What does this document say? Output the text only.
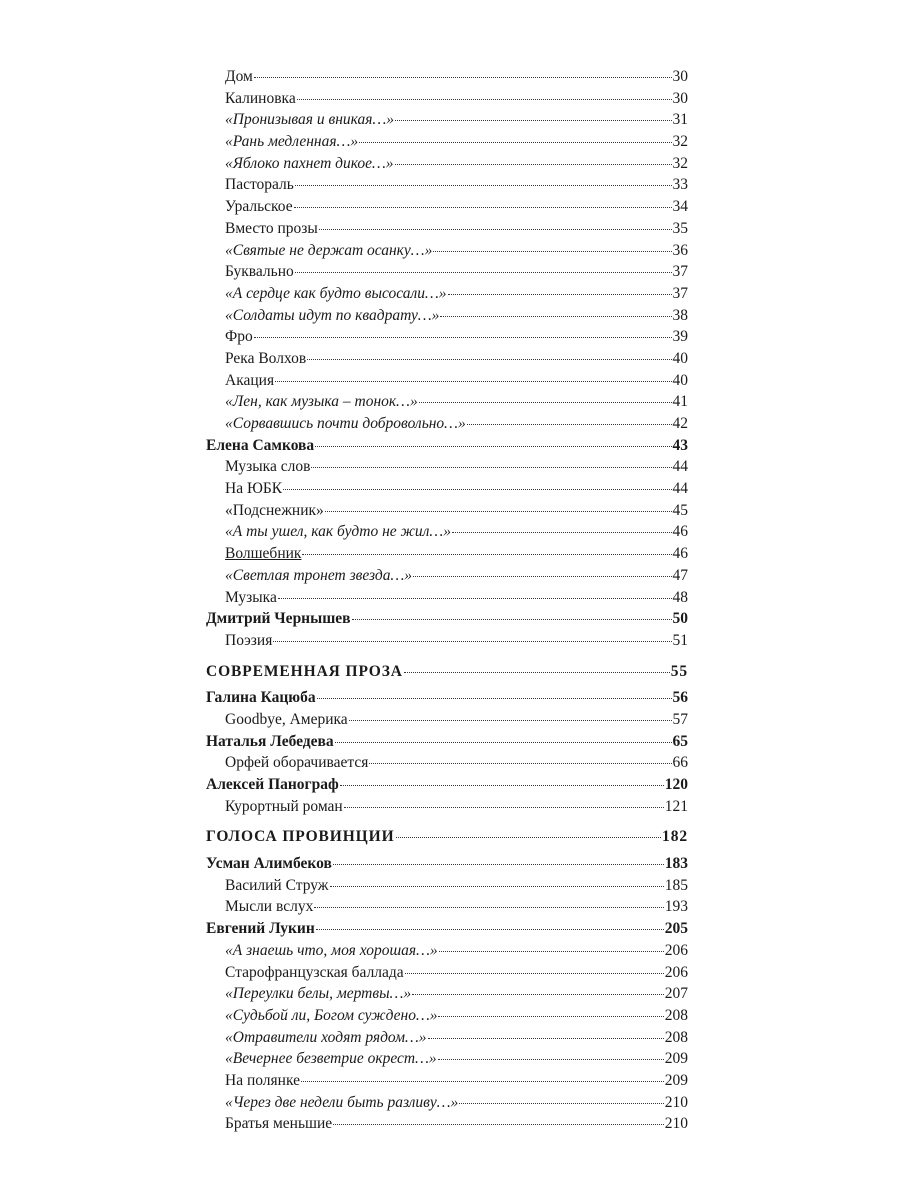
Дом	30
Калиновка	30
«Пронизывая и вникая…»	31
«Рань медленная…»	32
«Яблоко пахнет дикое…»	32
Пастораль	33
Уральское	34
Вместо прозы	35
«Святые не держат осанку…»	36
Буквально	37
«А сердце как будто высосали…»	37
«Солдаты идут по квадрату…»	38
Фро	39
Река Волхов	40
Акация	40
«Лен, как музыка – тонок…»	41
«Сорвавшись почти добровольно…»	42
Елена Самкова	43
Музыка слов	44
На ЮБК	44
«Подснежник»	45
«А ты ушел, как будто не жил…»	46
Волшебник	46
«Светлая тронет звезда…»	47
Музыка	48
Дмитрий Чернышев	50
Поэзия	51
СОВРЕМЕННАЯ ПРОЗА	55
Галина Кацюба	56
Goodbye, Америка	57
Наталья Лебедева	65
Орфей оборачивается	66
Алексей Панограф	120
Курортный роман	121
ГОЛОСА ПРОВИНЦИИ	182
Усман Алимбеков	183
Василий Струж	185
Мысли вслух	193
Евгений Лукин	205
«А знаешь что, моя хорошая…»	206
Старофранцузская баллада	206
«Переулки белы, мертвы…»	207
«Судьбой ли, Богом суждено…»	208
«Отравители ходят рядом…»	208
«Вечернее безветрие окрест…»	209
На полянке	209
«Через две недели быть разливу…»	210
Братья меньшие	210
